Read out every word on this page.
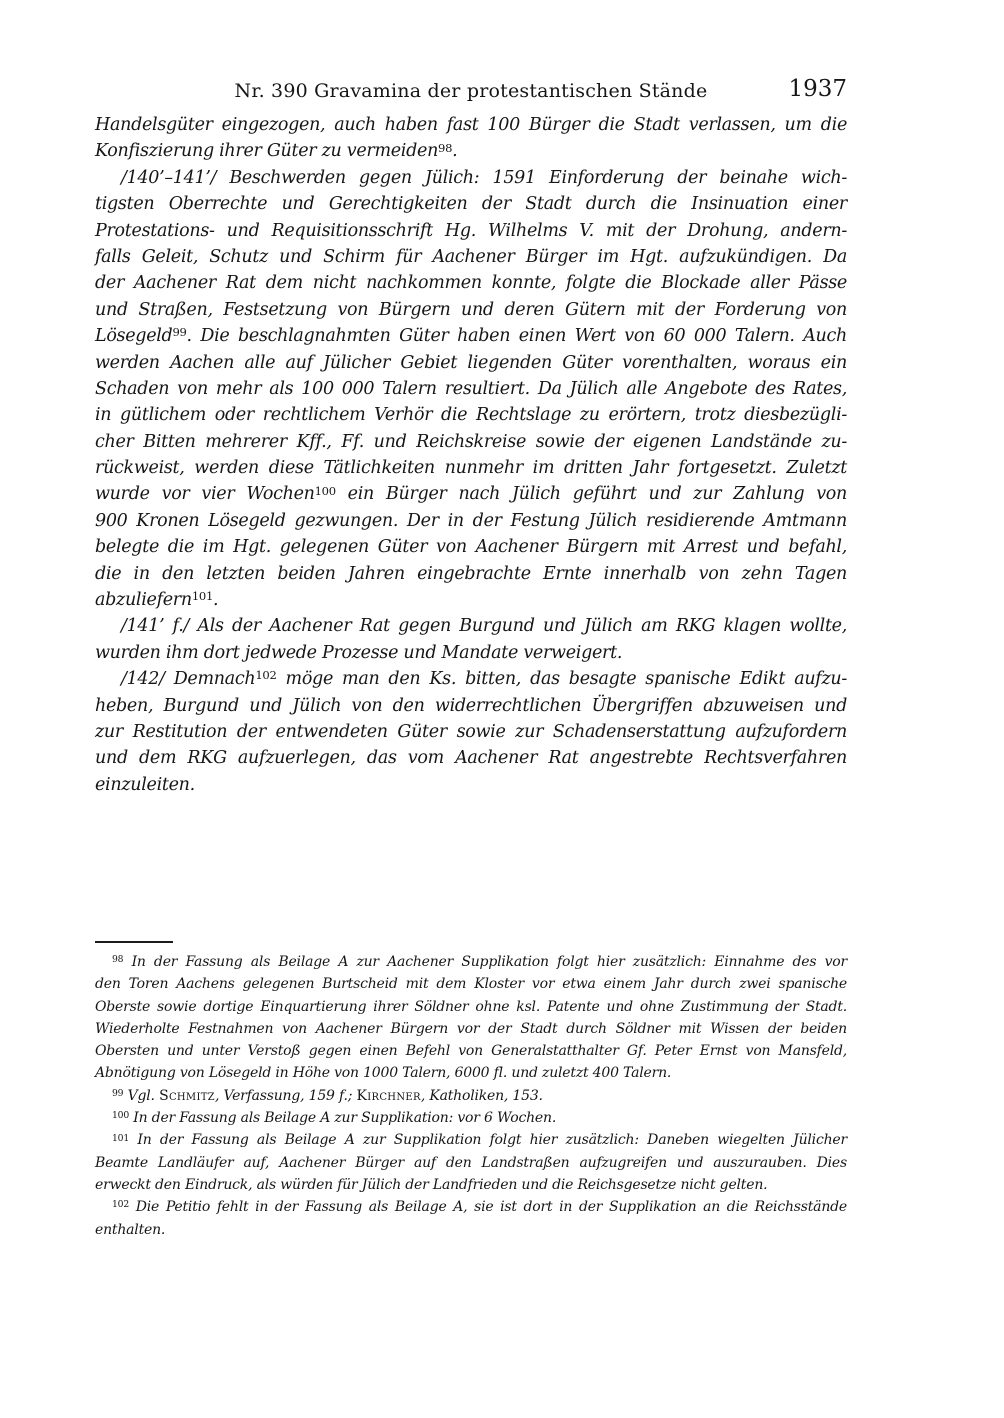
Nr. 390 Gravamina der protestantischen Stände	1937
Handelsgüter eingezogen, auch haben fast 100 Bürger die Stadt verlassen, um die
Konfiszierung ihrer Güter zu vermeiden$^{98}$.
/140’–141’/ Beschwerden gegen Jülich: 1591 Einforderung der beinahe wich-
tigsten Oberrechte und Gerechtigkeiten der Stadt durch die Insinuation einer
Protestations- und Requisitionsschrift Hg. Wilhelms V. mit der Drohung, andern-
falls Geleit, Schutz und Schirm für Aachener Bürger im Hgt. aufzukündigen. Da
der Aachener Rat dem nicht nachkommen konnte, folgte die Blockade aller Pässe
und Straßen, Festsetzung von Bürgern und deren Gütern mit der Forderung von
Lösegeld$^{99}$. Die beschlagnahmten Güter haben einen Wert von 60 000 Talern. Auch
werden Aachen alle auf Jülicher Gebiet liegenden Güter vorenthalten, woraus ein
Schaden von mehr als 100 000 Talern resultiert. Da Jülich alle Angebote des Rates,
in gütlichem oder rechtlichem Verhör die Rechtslage zu erörtern, trotz diesbezügli-
cher Bitten mehrerer Kff., Ff. und Reichskreise sowie der eigenen Landstände zu-
rückweist, werden diese Tätlichkeiten nunmehr im dritten Jahr fortgesetzt. Zuletzt
wurde vor vier Wochen$^{100}$ ein Bürger nach Jülich geführt und zur Zahlung von
900 Kronen Lösegeld gezwungen. Der in der Festung Jülich residierende Amtmann
belegte die im Hgt. gelegenen Güter von Aachener Bürgern mit Arrest und befahl,
die in den letzten beiden Jahren eingebrachte Ernte innerhalb von zehn Tagen
abzuliefern$^{101}$.
/141’ f./ Als der Aachener Rat gegen Burgund und Jülich am RKG klagen wollte,
wurden ihm dort jedwede Prozesse und Mandate verweigert.
/142/ Demnach$^{102}$ möge man den Ks. bitten, das besagte spanische Edikt aufzu-
heben, Burgund und Jülich von den widerrechtlichen Übergriffen abzuweisen und
zur Restitution der entwendeten Güter sowie zur Schadenserstattung aufzufordern
und dem RKG aufzuerlegen, das vom Aachener Rat angestrebte Rechtsverfahren
einzuleiten.
$^{98}$ In der Fassung als Beilage A zur Aachener Supplikation folgt hier zusätzlich: Einnahme des vor
den Toren Aachens gelegenen Burtscheid mit dem Kloster vor etwa einem Jahr durch zwei spanische
Oberste sowie dortige Einquartierung ihrer Söldner ohne ksl. Patente und ohne Zustimmung der Stadt.
Wiederholte Festnahmen von Aachener Bürgern vor der Stadt durch Söldner mit Wissen der beiden
Obersten und unter Verstoß gegen einen Befehl von Generalstatthalter Gf. Peter Ernst von Mansfeld,
Abnötigung von Lösegeld in Höhe von 1000 Talern, 6000 fl. und zuletzt 400 Talern.
$^{99}$ Vgl. Schmitz, Verfassung, 159 f.; Kirchner, Katholiken, 153.
$^{100}$ In der Fassung als Beilage A zur Supplikation: vor 6 Wochen.
$^{101}$ In der Fassung als Beilage A zur Supplikation folgt hier zusätzlich: Daneben wiegelten Jülicher
Beamte Landläufer auf, Aachener Bürger auf den Landstraßen aufzugreifen und auszurauben. Dies
erweckt den Eindruck, als würden für Jülich der Landfrieden und die Reichsgesetze nicht gelten.
$^{102}$ Die Petitio fehlt in der Fassung als Beilage A, sie ist dort in der Supplikation an die Reichsstände
enthalten.
